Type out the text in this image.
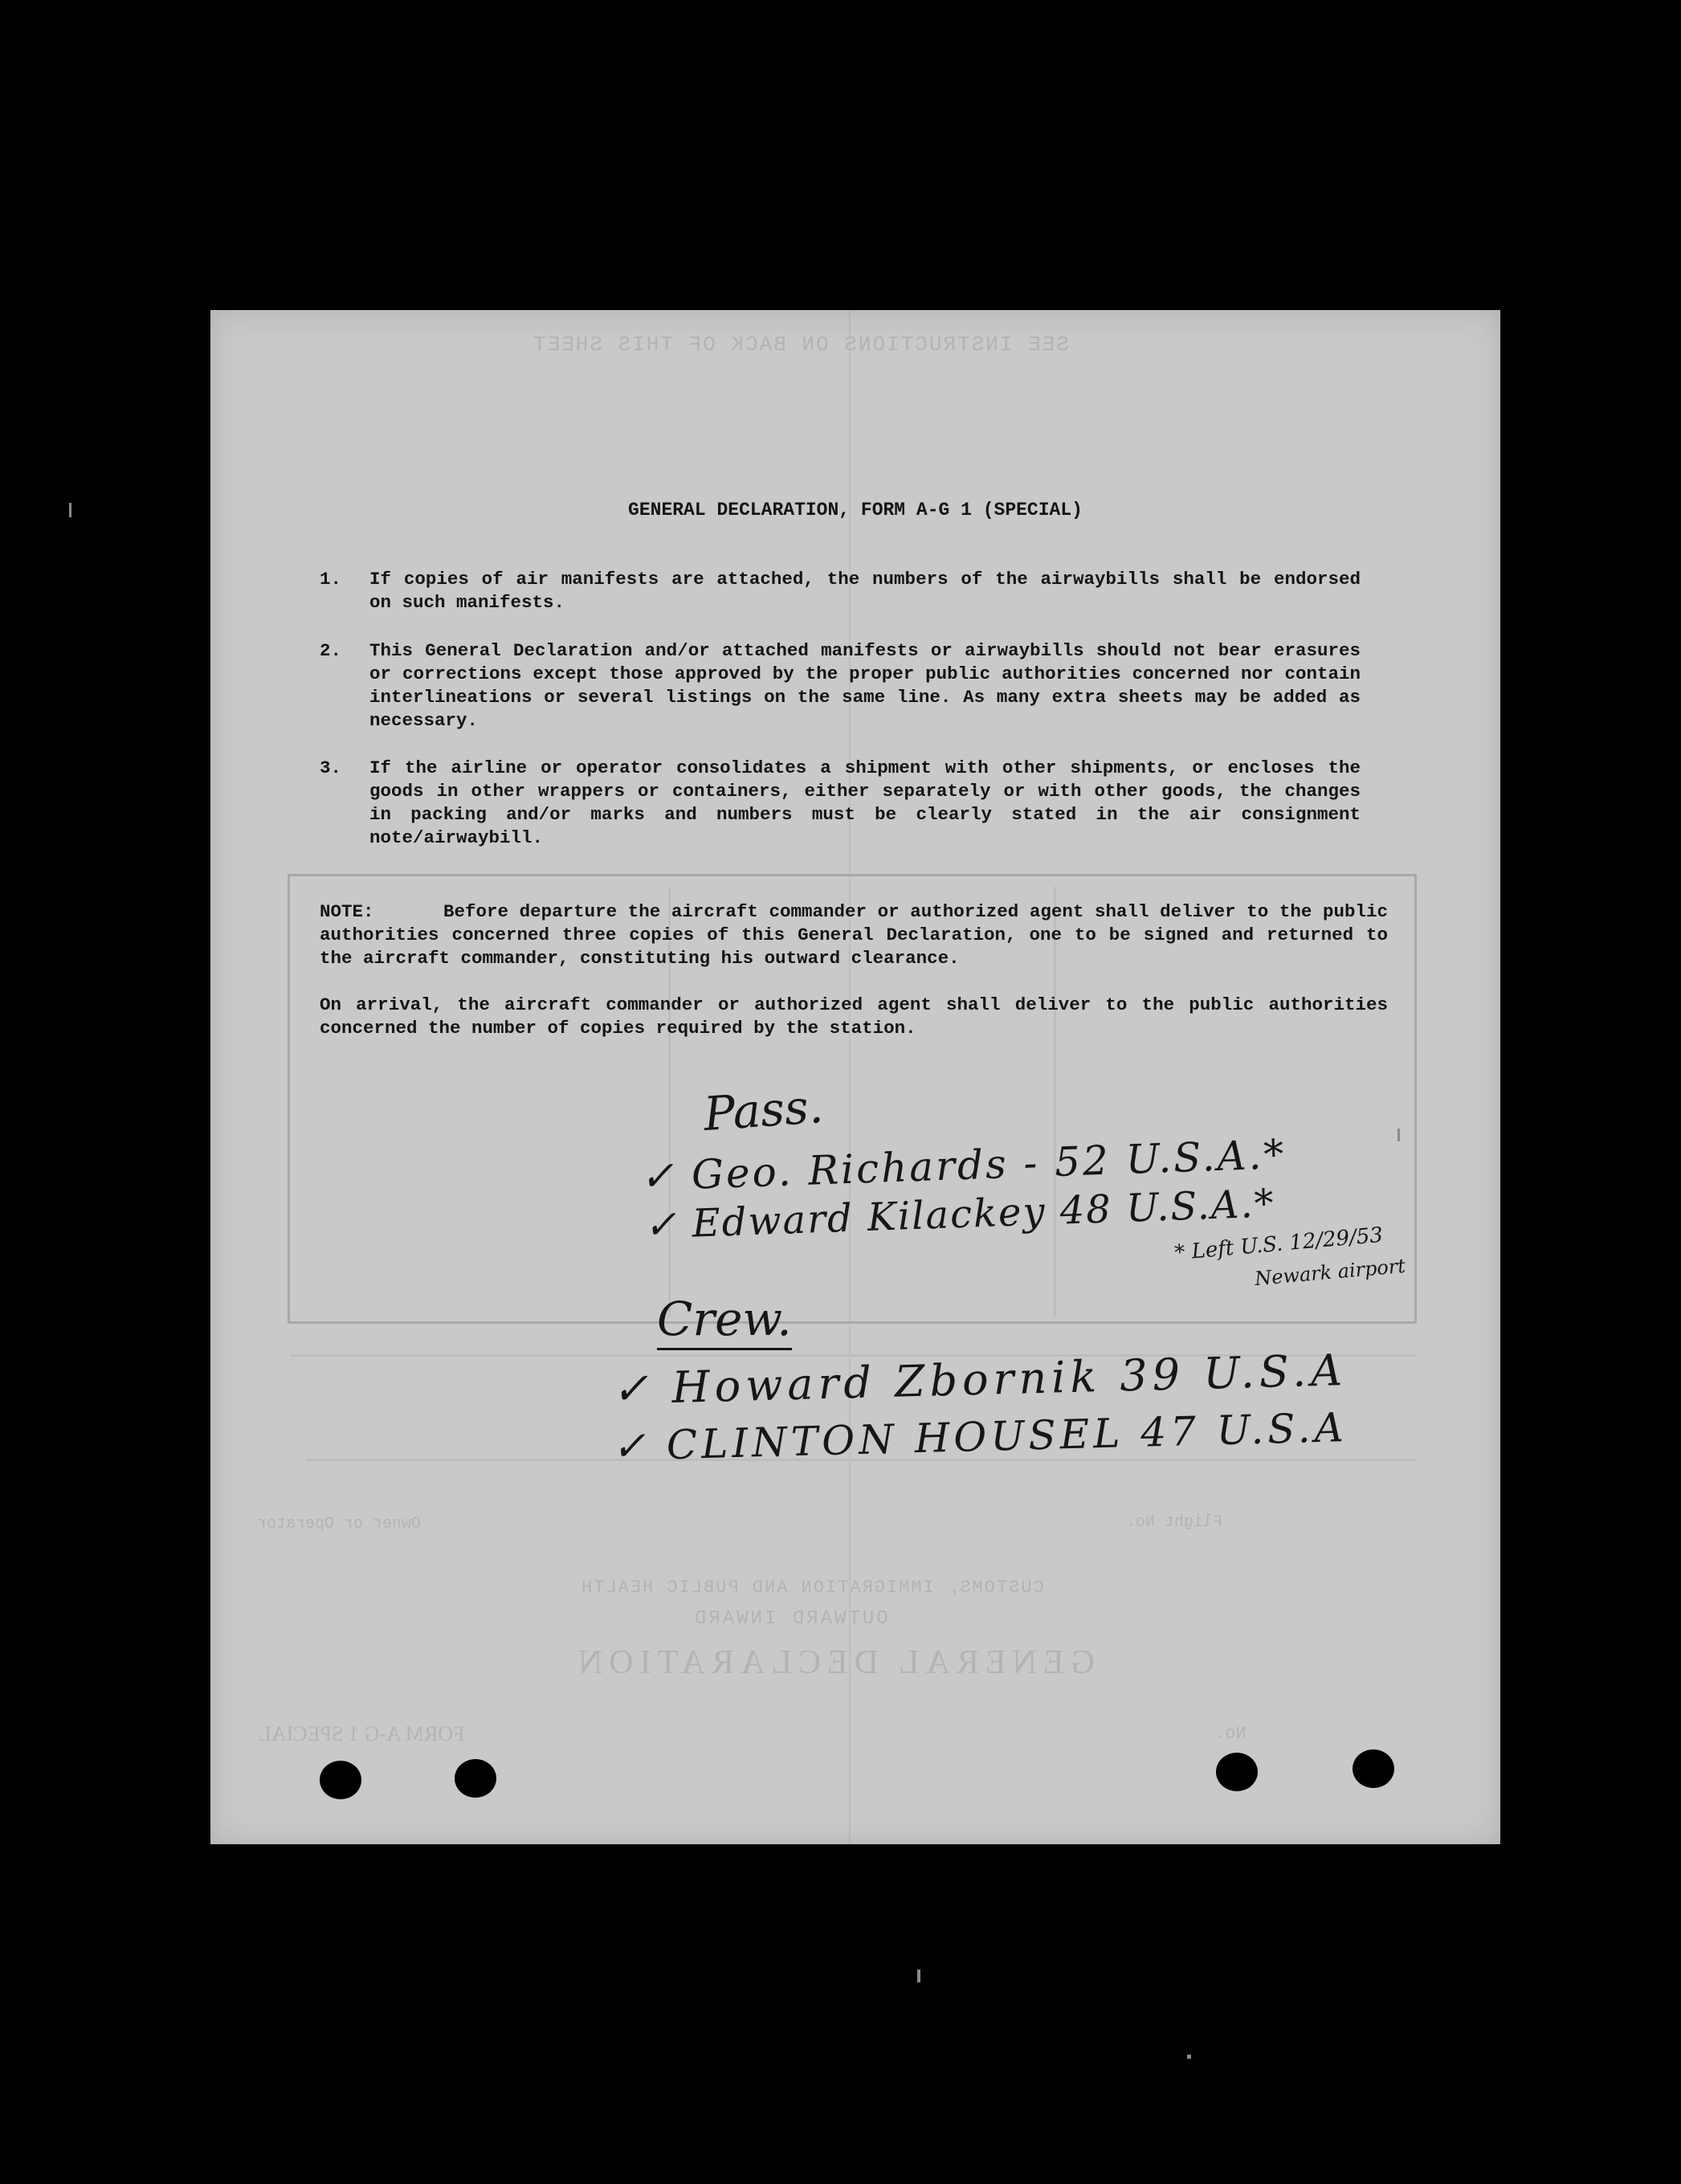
SEE INSTRUCTIONS ON BACK OF THIS SHEET
GENERAL DECLARATION
OUTWARD INWARD
CUSTOMS, IMMIGRATION AND PUBLIC HEALTH
FORM A-G 1 SPECIAL
Owner or Operator	Flight No.
No.
GENERAL DECLARATION, FORM A-G 1 (SPECIAL)
1. If copies of air manifests are attached, the numbers of the airwaybills shall be endorsed on such manifests.
2. This General Declaration and/or attached manifests or airwaybills should not bear erasures or corrections except those approved by the proper public authorities concerned nor contain interlineations or several listings on the same line. As many extra sheets may be added as necessary.
3. If the airline or operator consolidates a shipment with other shipments, or encloses the goods in other wrappers or containers, either separately or with other goods, the changes in packing and/or marks and numbers must be clearly stated in the air consignment note/airwaybill.

NOTE:	Before departure the aircraft commander or authorized agent shall deliver to the public authorities concerned three copies of this General Declaration, one to be signed and returned to the aircraft commander, constituting his outward clearance.

On arrival, the aircraft commander or authorized agent shall deliver to the public authorities concerned the number of copies required by the station.

Pass.
✓ Geo. Richards - 52 U.S.A.*
✓ Edward Kilackey 48 U.S.A.*
* Left U.S. 12/29/53
Newark airport
Crew.
✓ Howard Zbornik 39 U.S.A
✓ CLINTON HOUSEL 47 U.S.A
